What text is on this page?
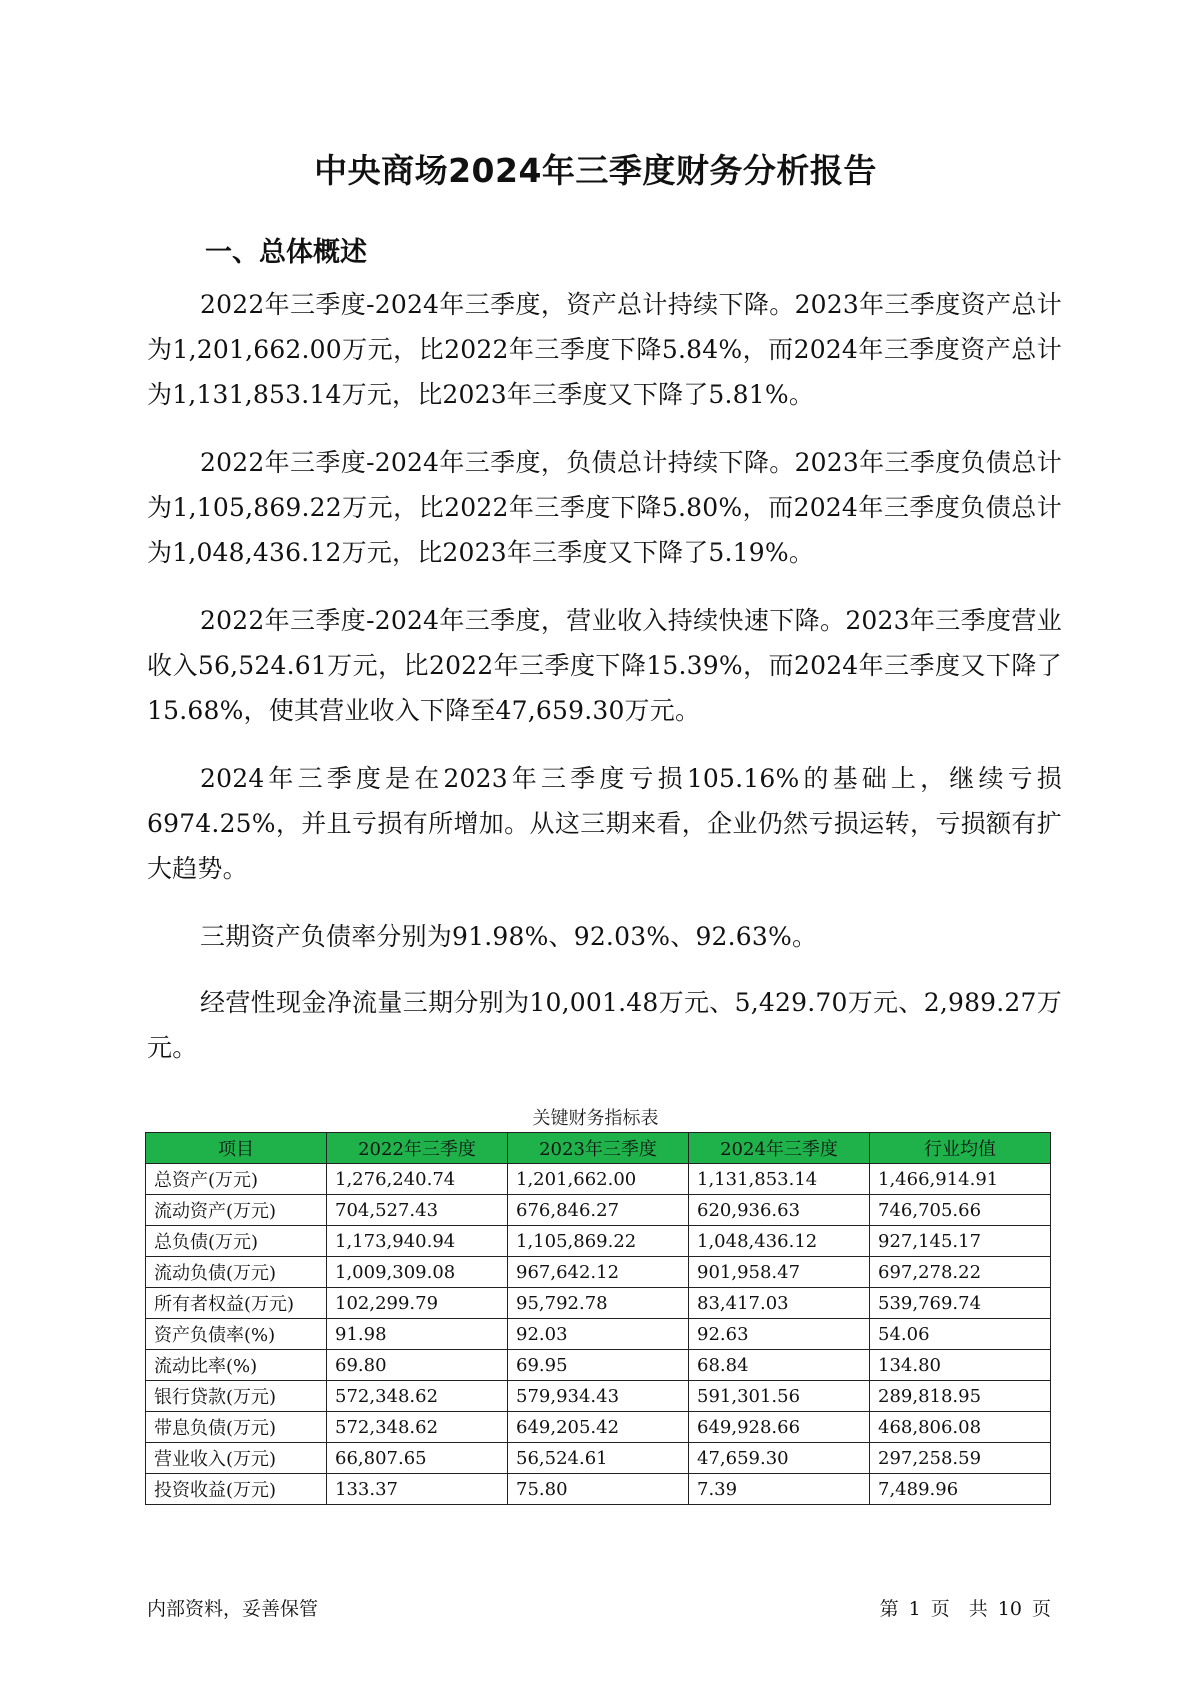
中央商场2024年三季度财务分析报告
一、总体概述

2022年三季度-2024年三季度，资产总计持续下降。2023年三季度资产总计为1,201,662.00万元，比2022年三季度下降5.84%，而2024年三季度资产总计为1,131,853.14万元，比2023年三季度又下降了5.81%。

2022年三季度-2024年三季度，负债总计持续下降。2023年三季度负债总计为1,105,869.22万元，比2022年三季度下降5.80%，而2024年三季度负债总计为1,048,436.12万元，比2023年三季度又下降了5.19%。

2022年三季度-2024年三季度，营业收入持续快速下降。2023年三季度营业收入56,524.61万元，比2022年三季度下降15.39%，而2024年三季度又下降了15.68%，使其营业收入下降至47,659.30万元。

2024年三季度是在2023年三季度亏损105.16%的基础上，继续亏损6974.25%，并且亏损有所增加。从这三期来看，企业仍然亏损运转，亏损额有扩大趋势。

三期资产负债率分别为91.98%、92.03%、92.63%。

经营性现金净流量三期分别为10,001.48万元、5,429.70万元、2,989.27万元。

关键财务指标表
项目	2022年三季度	2023年三季度	2024年三季度	行业均值
总资产(万元)	1,276,240.74	1,201,662.00	1,131,853.14	1,466,914.91
流动资产(万元)	704,527.43	676,846.27	620,936.63	746,705.66
总负债(万元)	1,173,940.94	1,105,869.22	1,048,436.12	927,145.17
流动负债(万元)	1,009,309.08	967,642.12	901,958.47	697,278.22
所有者权益(万元)	102,299.79	95,792.78	83,417.03	539,769.74
资产负债率(%)	91.98	92.03	92.63	54.06
流动比率(%)	69.80	69.95	68.84	134.80
银行贷款(万元)	572,348.62	579,934.43	591,301.56	289,818.95
带息负债(万元)	572,348.62	649,205.42	649,928.66	468,806.08
营业收入(万元)	66,807.65	56,524.61	47,659.30	297,258.59
投资收益(万元)	133.37	75.80	7.39	7,489.96
内部资料，妥善保管	第 1 页　共 10 页
